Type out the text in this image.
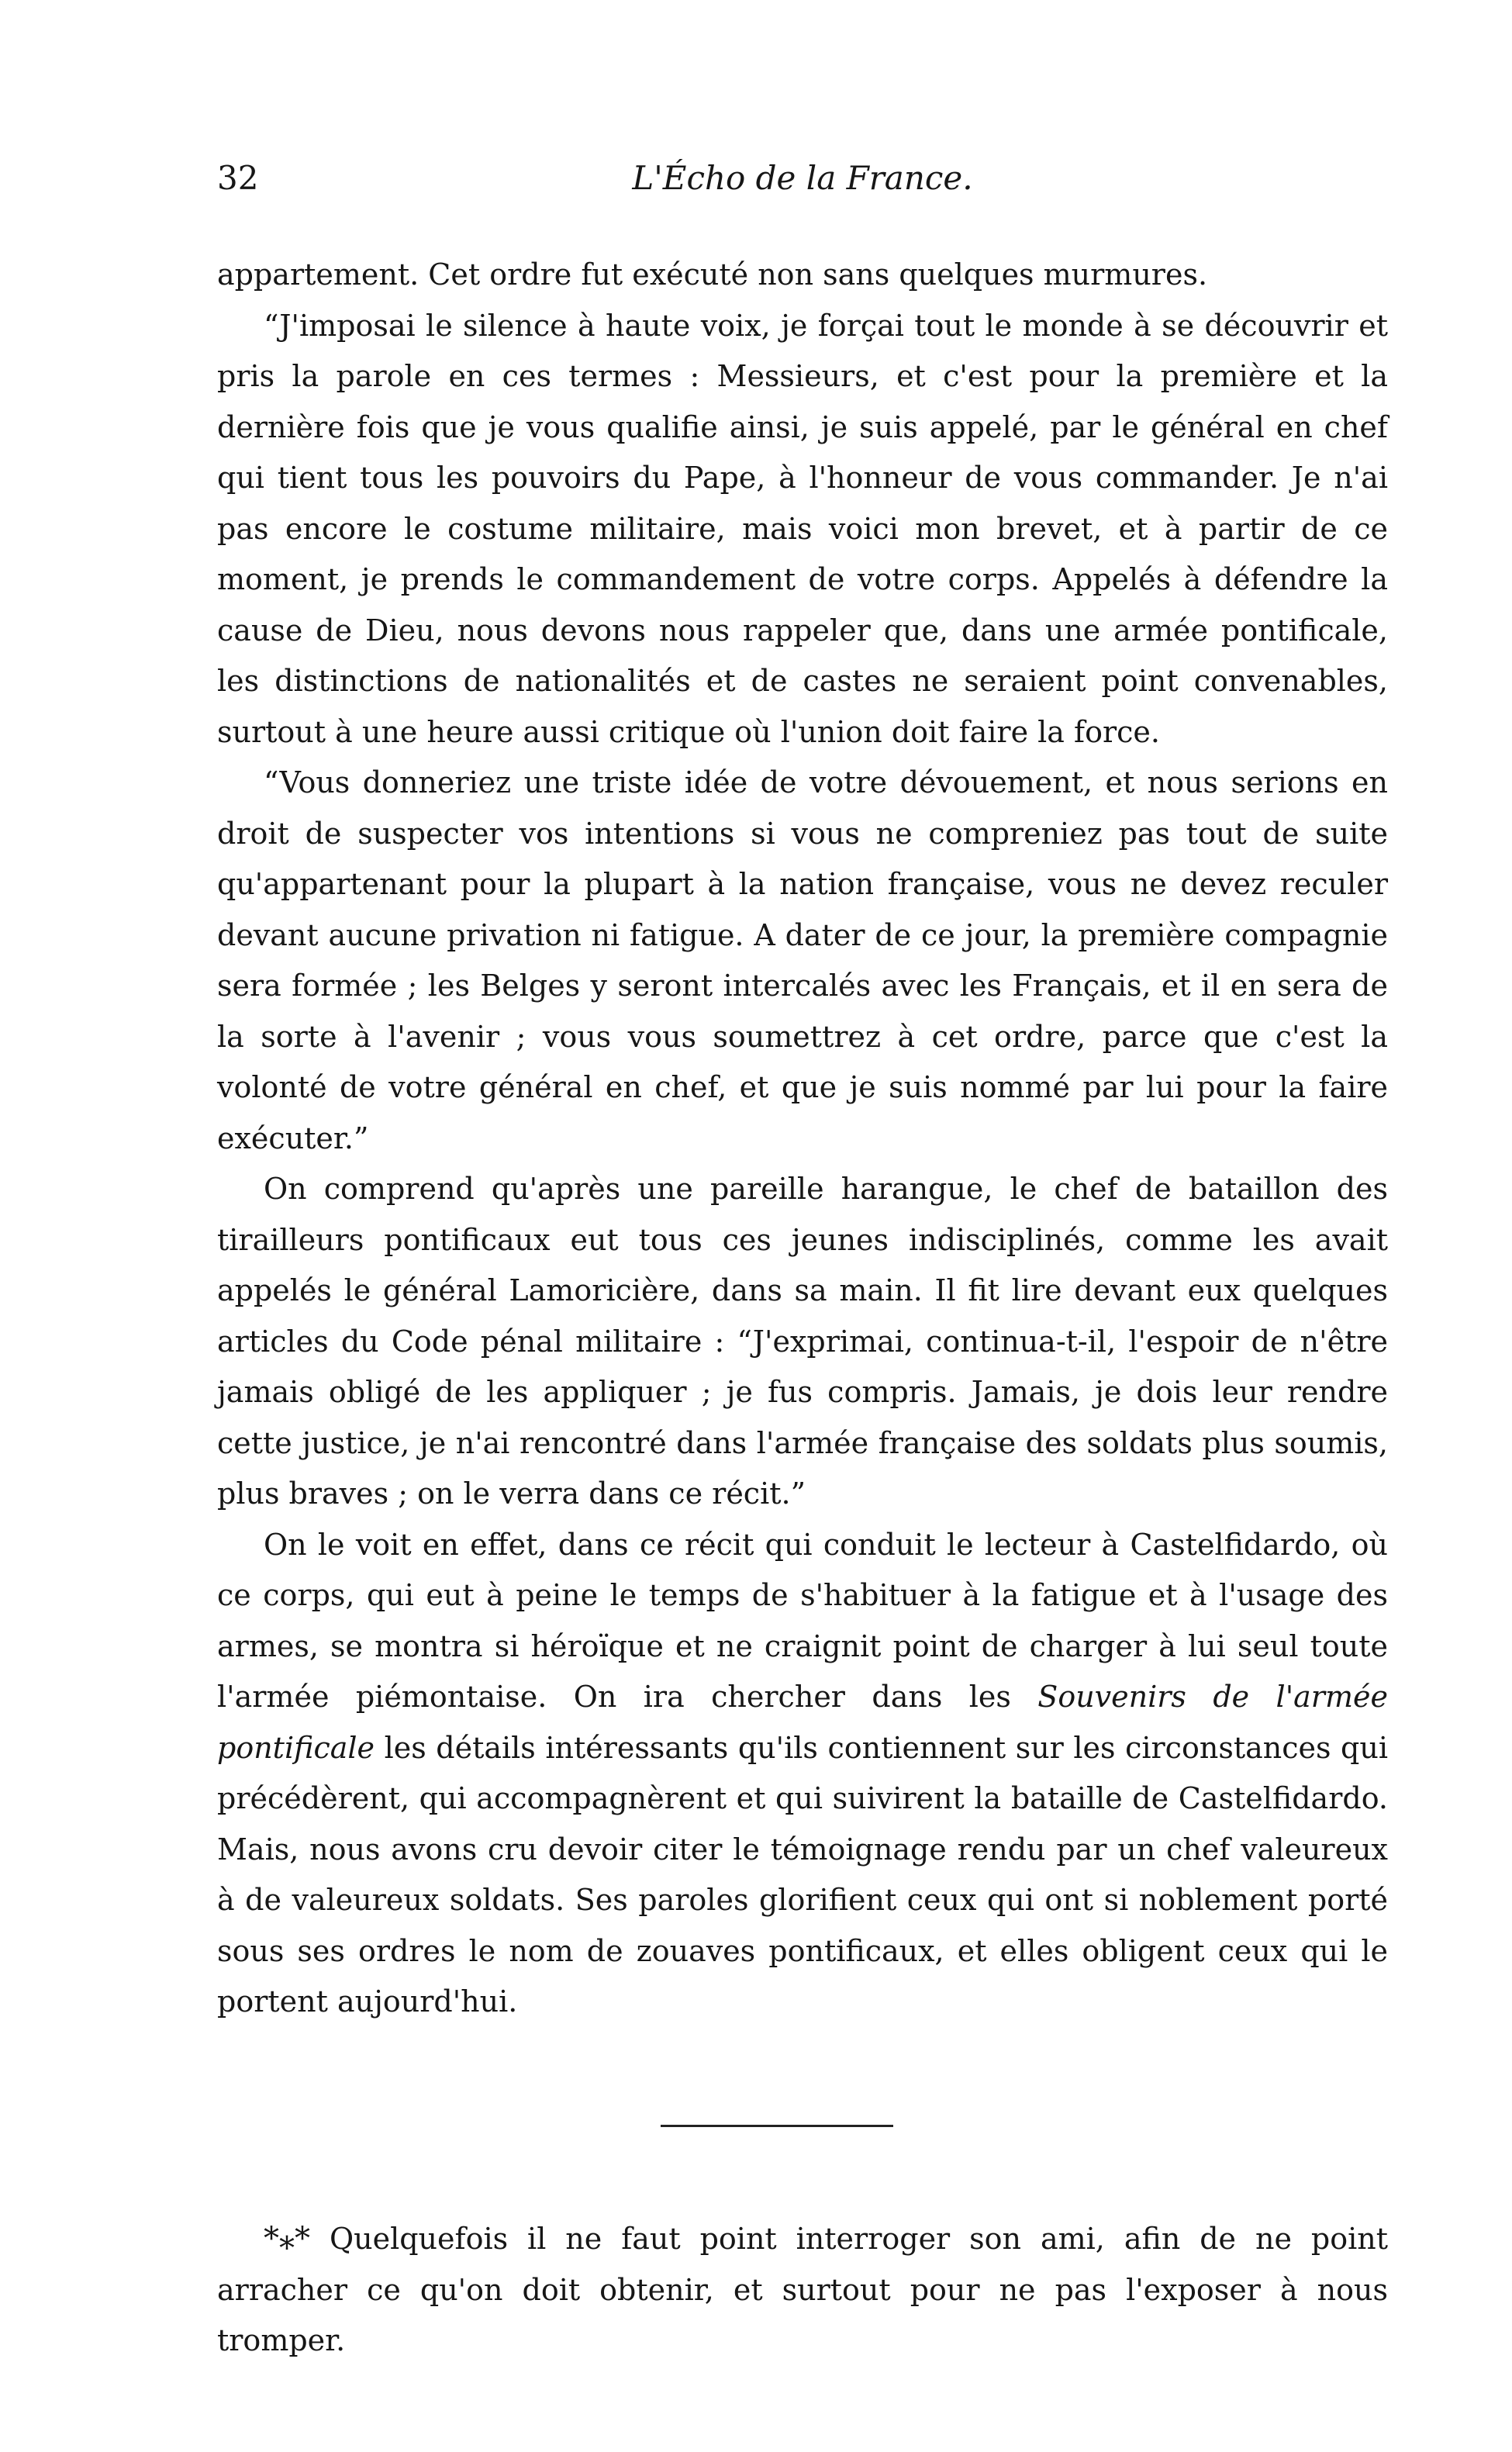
32	L'Écho de la France.

appartement. Cet ordre fut exécuté non sans quelques murmures.

“J'imposai le silence à haute voix, je forçai tout le monde à se découvrir et pris la parole en ces termes : Messieurs, et c'est pour la première et la dernière fois que je vous qualifie ainsi, je suis appelé, par le général en chef qui tient tous les pouvoirs du Pape, à l'honneur de vous commander. Je n'ai pas encore le costume militaire, mais voici mon brevet, et à partir de ce moment, je prends le commandement de votre corps. Appelés à défendre la cause de Dieu, nous devons nous rappeler que, dans une armée pontificale, les distinctions de nationalités et de castes ne seraient point convenables, surtout à une heure aussi critique où l'union doit faire la force.

“Vous donneriez une triste idée de votre dévouement, et nous serions en droit de suspecter vos intentions si vous ne compreniez pas tout de suite qu'appartenant pour la plupart à la nation française, vous ne devez reculer devant aucune privation ni fatigue. A dater de ce jour, la première compagnie sera formée ; les Belges y seront intercalés avec les Français, et il en sera de la sorte à l'avenir ; vous vous soumettrez à cet ordre, parce que c'est la volonté de votre général en chef, et que je suis nommé par lui pour la faire exécuter.”

On comprend qu'après une pareille harangue, le chef de bataillon des tirailleurs pontificaux eut tous ces jeunes indisciplinés, comme les avait appelés le général Lamoricière, dans sa main. Il fit lire devant eux quelques articles du Code pénal militaire : “J'exprimai, continua-t-il, l'espoir de n'être jamais obligé de les appliquer ; je fus compris. Jamais, je dois leur rendre cette justice, je n'ai rencontré dans l'armée française des soldats plus soumis, plus braves ; on le verra dans ce récit.”

On le voit en effet, dans ce récit qui conduit le lecteur à Castelfidardo, où ce corps, qui eut à peine le temps de s'habituer à la fatigue et à l'usage des armes, se montra si héroïque et ne craignit point de charger à lui seul toute l'armée piémontaise. On ira chercher dans les Souvenirs de l'armée pontificale les détails intéressants qu'ils contiennent sur les circonstances qui précédèrent, qui accompagnèrent et qui suivirent la bataille de Castelfidardo. Mais, nous avons cru devoir citer le témoignage rendu par un chef valeureux à de valeureux soldats. Ses paroles glorifient ceux qui ont si noblement porté sous ses ordres le nom de zouaves pontificaux, et elles obligent ceux qui le portent aujourd'hui.

*⁎* Quelquefois il ne faut point interroger son ami, afin de ne point arracher ce qu'on doit obtenir, et surtout pour ne pas l'exposer à nous tromper.
